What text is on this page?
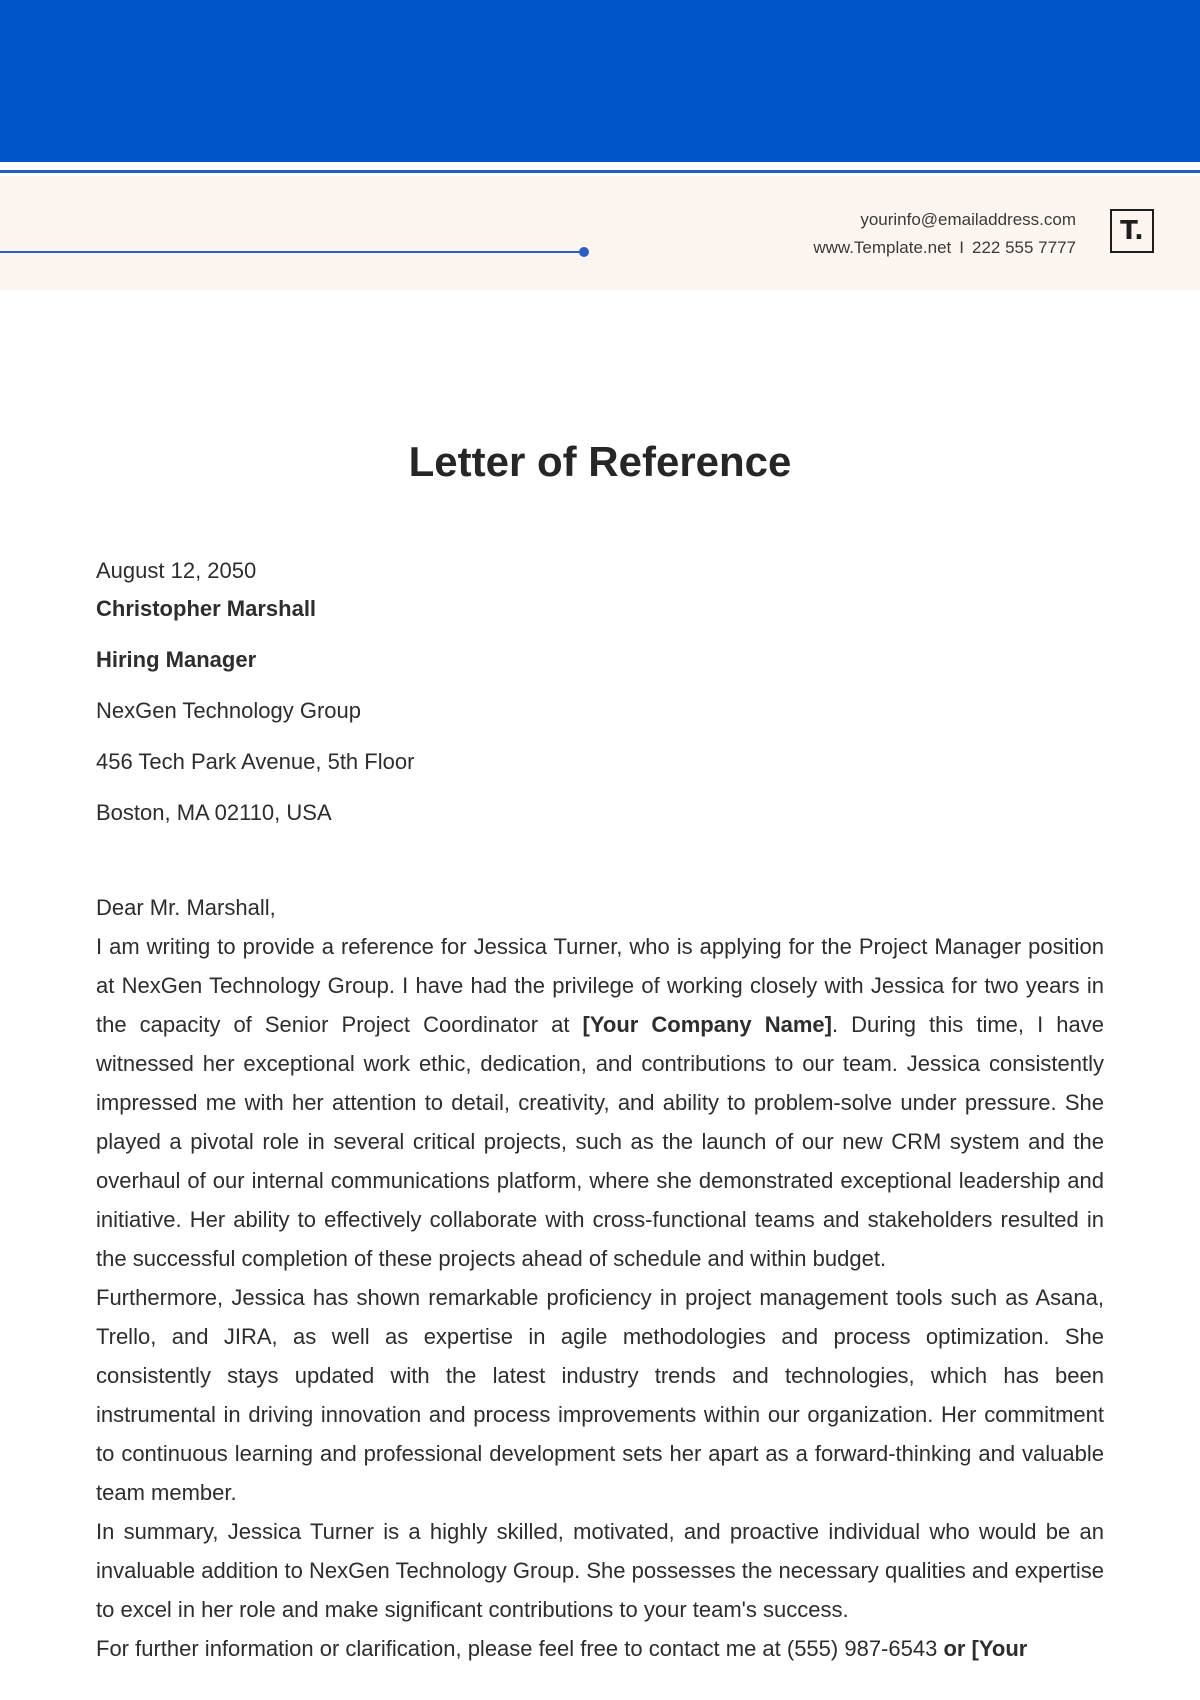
yourinfo@emailaddress.com
www.Template.net I 222 555 7777
T.
Letter of Reference
August 12, 2050
Christopher Marshall
Hiring Manager
NexGen Technology Group
456 Tech Park Avenue, 5th Floor
Boston, MA 02110, USA

Dear Mr. Marshall,

I am writing to provide a reference for Jessica Turner, who is applying for the Project Manager position at NexGen Technology Group. I have had the privilege of working closely with Jessica for two years in the capacity of Senior Project Coordinator at [Your Company Name]. During this time, I have witnessed her exceptional work ethic, dedication, and contributions to our team. Jessica consistently impressed me with her attention to detail, creativity, and ability to problem-solve under pressure. She played a pivotal role in several critical projects, such as the launch of our new CRM system and the overhaul of our internal communications platform, where she demonstrated exceptional leadership and initiative. Her ability to effectively collaborate with cross-functional teams and stakeholders resulted in the successful completion of these projects ahead of schedule and within budget.

Furthermore, Jessica has shown remarkable proficiency in project management tools such as Asana, Trello, and JIRA, as well as expertise in agile methodologies and process optimization. She consistently stays updated with the latest industry trends and technologies, which has been instrumental in driving innovation and process improvements within our organization. Her commitment to continuous learning and professional development sets her apart as a forward-thinking and valuable team member.

In summary, Jessica Turner is a highly skilled, motivated, and proactive individual who would be an invaluable addition to NexGen Technology Group. She possesses the necessary qualities and expertise to excel in her role and make significant contributions to your team's success.

For further information or clarification, please feel free to contact me at (555) 987-6543 or [Your
